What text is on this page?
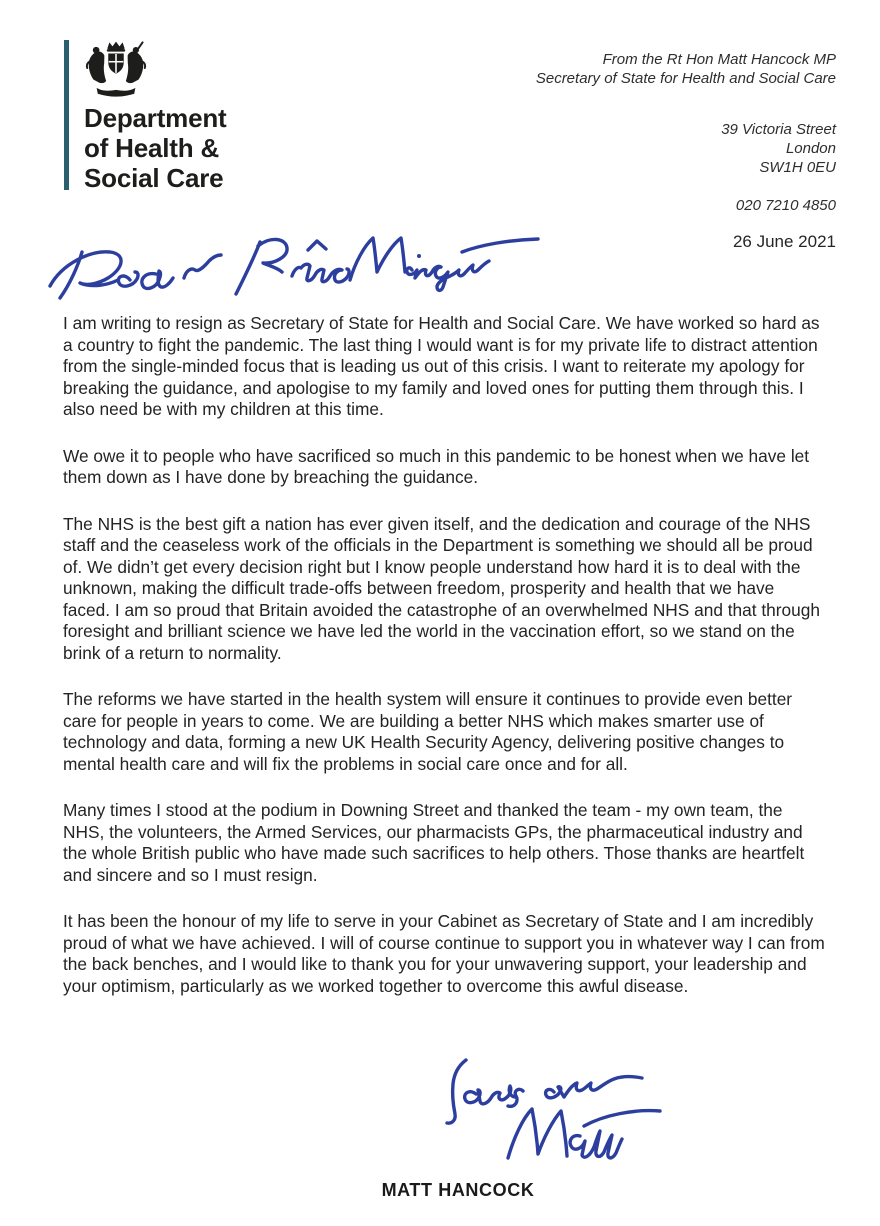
Department
of Health &
Social Care
From the Rt Hon Matt Hancock MP
Secretary of State for Health and Social Care
39 Victoria Street
London
SW1H 0EU
020 7210 4850
26 June 2021

I am writing to resign as Secretary of State for Health and Social Care. We have worked so hard as a country to fight the pandemic. The last thing I would want is for my private life to distract attention from the single-minded focus that is leading us out of this crisis. I want to reiterate my apology for breaking the guidance, and apologise to my family and loved ones for putting them through this. I also need be with my children at this time.

We owe it to people who have sacrificed so much in this pandemic to be honest when we have let them down as I have done by breaching the guidance.

The NHS is the best gift a nation has ever given itself, and the dedication and courage of the NHS staff and the ceaseless work of the officials in the Department is something we should all be proud of. We didn’t get every decision right but I know people understand how hard it is to deal with the unknown, making the difficult trade-offs between freedom, prosperity and health that we have faced. I am so proud that Britain avoided the catastrophe of an overwhelmed NHS and that through foresight and brilliant science we have led the world in the vaccination effort, so we stand on the brink of a return to normality.

The reforms we have started in the health system will ensure it continues to provide even better care for people in years to come. We are building a better NHS which makes smarter use of technology and data, forming a new UK Health Security Agency, delivering positive changes to mental health care and will fix the problems in social care once and for all.

Many times I stood at the podium in Downing Street and thanked the team - my own team, the NHS, the volunteers, the Armed Services, our pharmacists GPs, the pharmaceutical industry and the whole British public who have made such sacrifices to help others. Those thanks are heartfelt and sincere and so I must resign.

It has been the honour of my life to serve in your Cabinet as Secretary of State and I am incredibly proud of what we have achieved. I will of course continue to support you in whatever way I can from the back benches, and I would like to thank you for your unwavering support, your leadership and your optimism, particularly as we worked together to overcome this awful disease.

MATT HANCOCK
